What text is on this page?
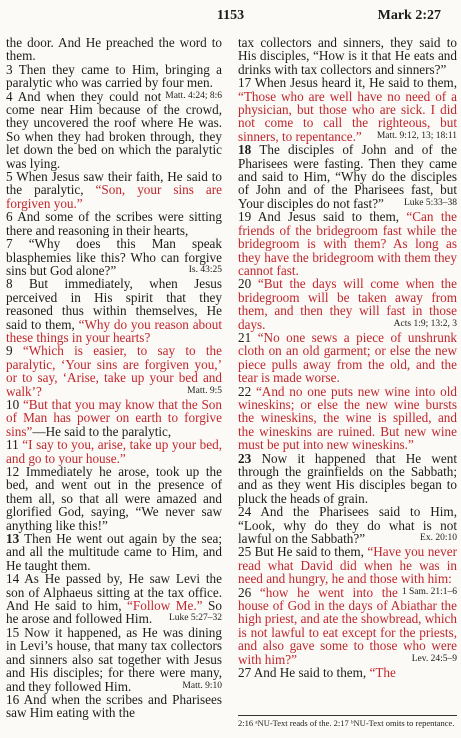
1153	Mark 2:27

the door. And He preached the word to them.

3 Then they came to Him, bringing a paralytic who was carried by four men.
Matt. 4:24; 8:6

4 And when they could not come near Him because of the crowd, they uncovered the roof where He was. So when they had broken through, they let down the bed on which the paralytic was lying.

5 When Jesus saw their faith, He said to the paralytic, “Son, your sins are forgiven you.”

6 And some of the scribes were sitting there and reasoning in their hearts,

7 “Why does this Man speak blasphemies like this? Who can forgive sins but God alone?”	Is. 43:25

8 But immediately, when Jesus perceived in His spirit that they reasoned thus within themselves, He said to them, “Why do you reason about these things in your hearts?

9 “Which is easier, to say to the paralytic, ‘Your sins are forgiven you,’ or to say, ‘Arise, take up your bed and walk’?	Matt. 9:5

10 “But that you may know that the Son of Man has power on earth to forgive sins”—He said to the paralytic,

11 “I say to you, arise, take up your bed, and go to your house.”

12 Immediately he arose, took up the bed, and went out in the presence of them all, so that all were amazed and glorified God, saying, “We never saw anything like this!”

13 Then He went out again by the sea; and all the multitude came to Him, and He taught them.

14 As He passed by, He saw Levi the son of Alphaeus sitting at the tax office. And He said to him, “Follow Me.” So he arose and followed Him.	Luke 5:27–32

15 Now it happened, as He was dining in Levi’s house, that many tax collectors and sinners also sat together with Jesus and His disciples; for there were many, and they followed Him.	Matt. 9:10

16 And when the scribes and Pharisees saw Him eating with the

tax collectors and sinners, they said to His disciples, “How is it that He eats and drinks with tax collectors and sinners?”

17 When Jesus heard it, He said to them, “Those who are well have no need of a physician, but those who are sick. I did not come to call the righteous, but sinners, to repentance.”	Matt. 9:12, 13; 18:11

18 The disciples of John and of the Pharisees were fasting. Then they came and said to Him, “Why do the disciples of John and of the Pharisees fast, but Your disciples do not fast?”	Luke 5:33–38

19 And Jesus said to them, “Can the friends of the bridegroom fast while the bridegroom is with them? As long as they have the bridegroom with them they cannot fast.

20 “But the days will come when the bridegroom will be taken away from them, and then they will fast in those days.	Acts 1:9; 13:2, 3

21 “No one sews a piece of unshrunk cloth on an old garment; or else the new piece pulls away from the old, and the tear is made worse.

22 “And no one puts new wine into old wineskins; or else the new wine bursts the wineskins, the wine is spilled, and the wineskins are ruined. But new wine must be put into new wineskins.”

23 Now it happened that He went through the grainfields on the Sabbath; and as they went His disciples began to pluck the heads of grain.

24 And the Pharisees said to Him, “Look, why do they do what is not lawful on the Sabbath?”	Ex. 20:10

25 But He said to them, “Have you never read what David did when he was in need and hungry, he and those with him:
1 Sam. 21:1–6

26 “how he went into the house of God in the days of Abiathar the high priest, and ate the showbread, which is not lawful to eat except for the priests, and also gave some to those who were with him?”	Lev. 24:5–9

27 And He said to them, “The

2:16 ᵃNU-Text reads of the. 2:17 ᵇNU-Text omits to repentance.
